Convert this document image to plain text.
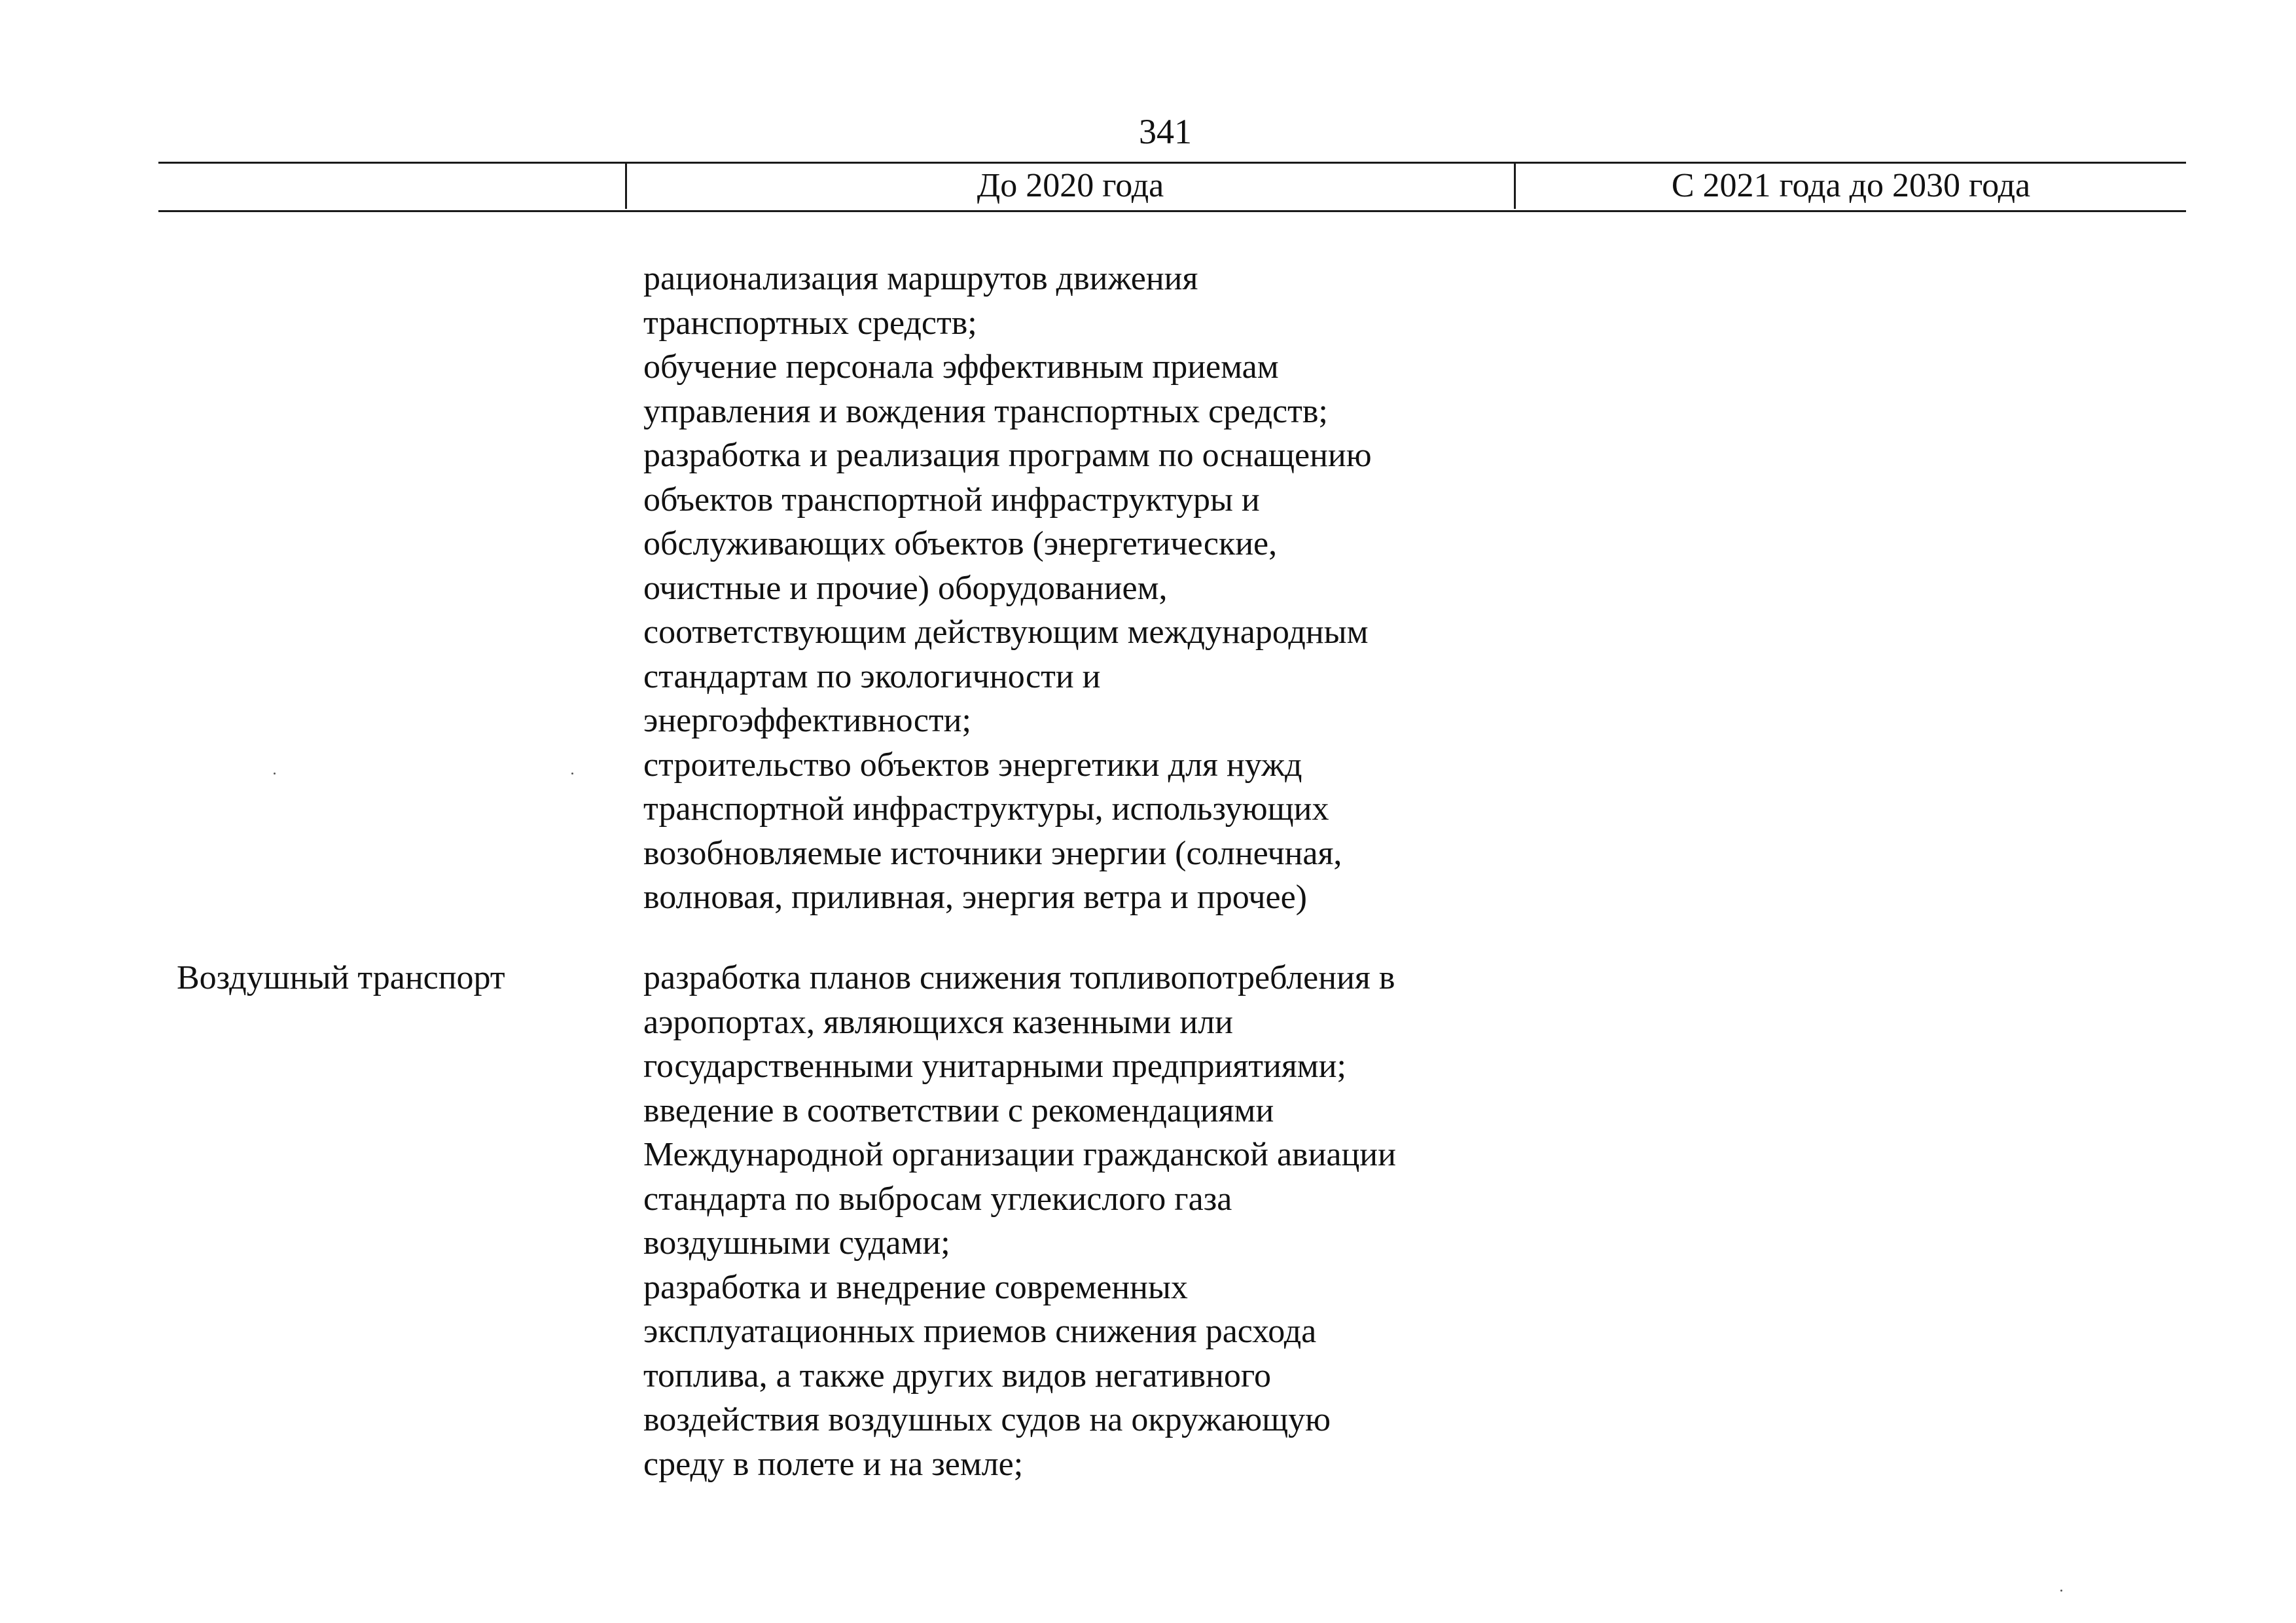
341
До 2020 года	С 2021 года до 2030 года
рационализация маршрутов движения
транспортных средств;
обучение персонала эффективным приемам
управления и вождения транспортных средств;
разработка и реализация программ по оснащению
объектов транспортной инфраструктуры и
обслуживающих объектов (энергетические,
очистные и прочие) оборудованием,
соответствующим действующим международным
стандартам по экологичности и
энергоэффективности;
строительство объектов энергетики для нужд
транспортной инфраструктуры, использующих
возобновляемые источники энергии (солнечная,
волновая, приливная, энергия ветра и прочее)
Воздушный транспорт	разработка планов снижения топливопотребления в
аэропортах, являющихся казенными или
государственными унитарными предприятиями;
введение в соответствии с рекомендациями
Международной организации гражданской авиации
стандарта по выбросам углекислого газа
воздушными судами;
разработка и внедрение современных
эксплуатационных приемов снижения расхода
топлива, а также других видов негативного
воздействия воздушных судов на окружающую
среду в полете и на земле;
